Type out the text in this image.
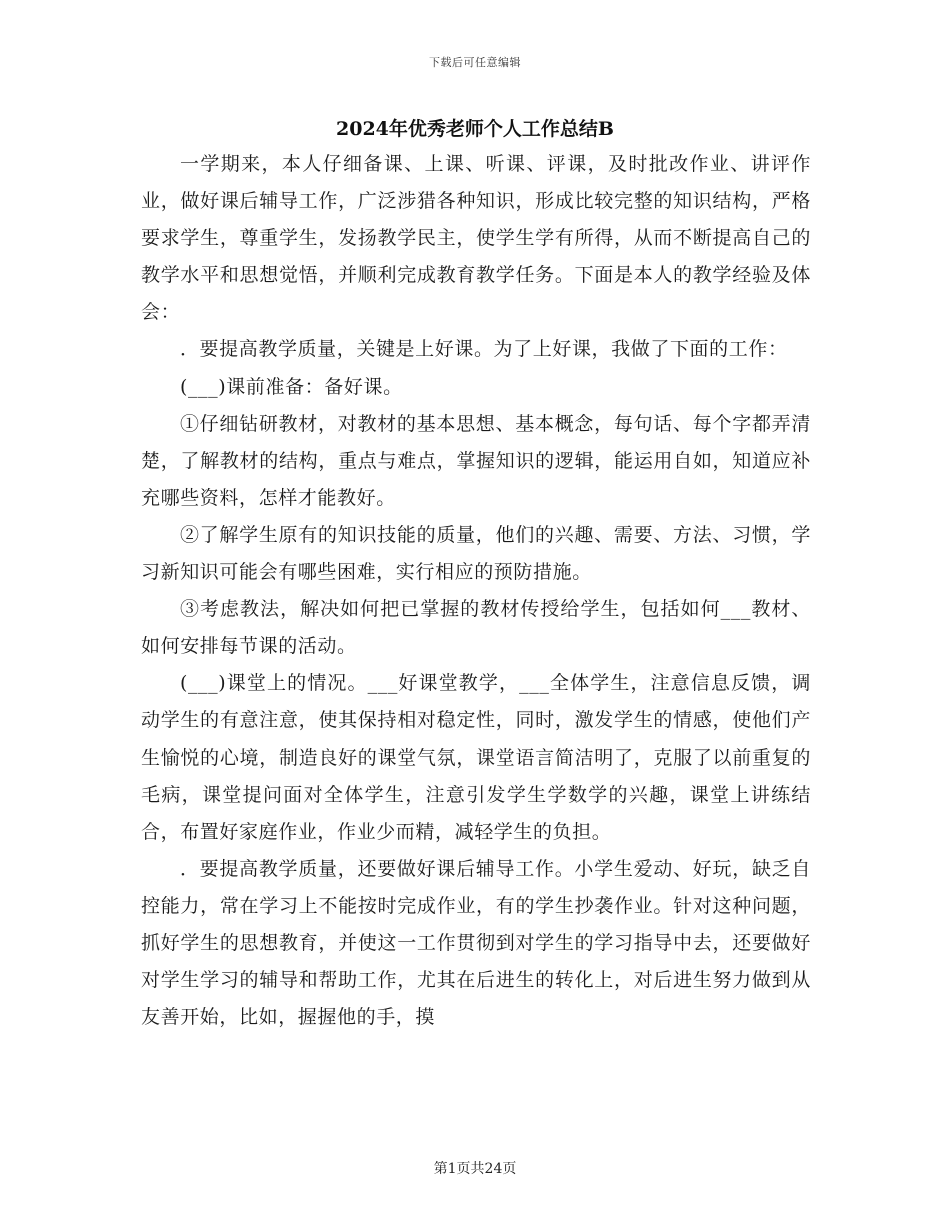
下载后可任意编辑
2024年优秀老师个人工作总结B

一学期来，本人仔细备课、上课、听课、评课，及时批改作业、讲评作业，做好课后辅导工作，广泛涉猎各种知识，形成比较完整的知识结构，严格要求学生，尊重学生，发扬教学民主，使学生学有所得，从而不断提高自己的教学水平和思想觉悟，并顺利完成教育教学任务。下面是本人的教学经验及体会：

．要提高教学质量，关键是上好课。为了上好课，我做了下面的工作：

(___)课前准备：备好课。

①仔细钻研教材，对教材的基本思想、基本概念，每句话、每个字都弄清楚，了解教材的结构，重点与难点，掌握知识的逻辑，能运用自如，知道应补充哪些资料，怎样才能教好。

②了解学生原有的知识技能的质量，他们的兴趣、需要、方法、习惯，学习新知识可能会有哪些困难，实行相应的预防措施。

③考虑教法，解决如何把已掌握的教材传授给学生，包括如何___教材、如何安排每节课的活动。

(___)课堂上的情况。___好课堂教学，___全体学生，注意信息反馈，调动学生的有意注意，使其保持相对稳定性，同时，激发学生的情感，使他们产生愉悦的心境，制造良好的课堂气氛，课堂语言简洁明了，克服了以前重复的毛病，课堂提问面对全体学生，注意引发学生学数学的兴趣，课堂上讲练结合，布置好家庭作业，作业少而精，减轻学生的负担。

．要提高教学质量，还要做好课后辅导工作。小学生爱动、好玩，缺乏自控能力，常在学习上不能按时完成作业，有的学生抄袭作业。针对这种问题，抓好学生的思想教育，并使这一工作贯彻到对学生的学习指导中去，还要做好对学生学习的辅导和帮助工作，尤其在后进生的转化上，对后进生努力做到从友善开始，比如，握握他的手，摸

第1页共24页
